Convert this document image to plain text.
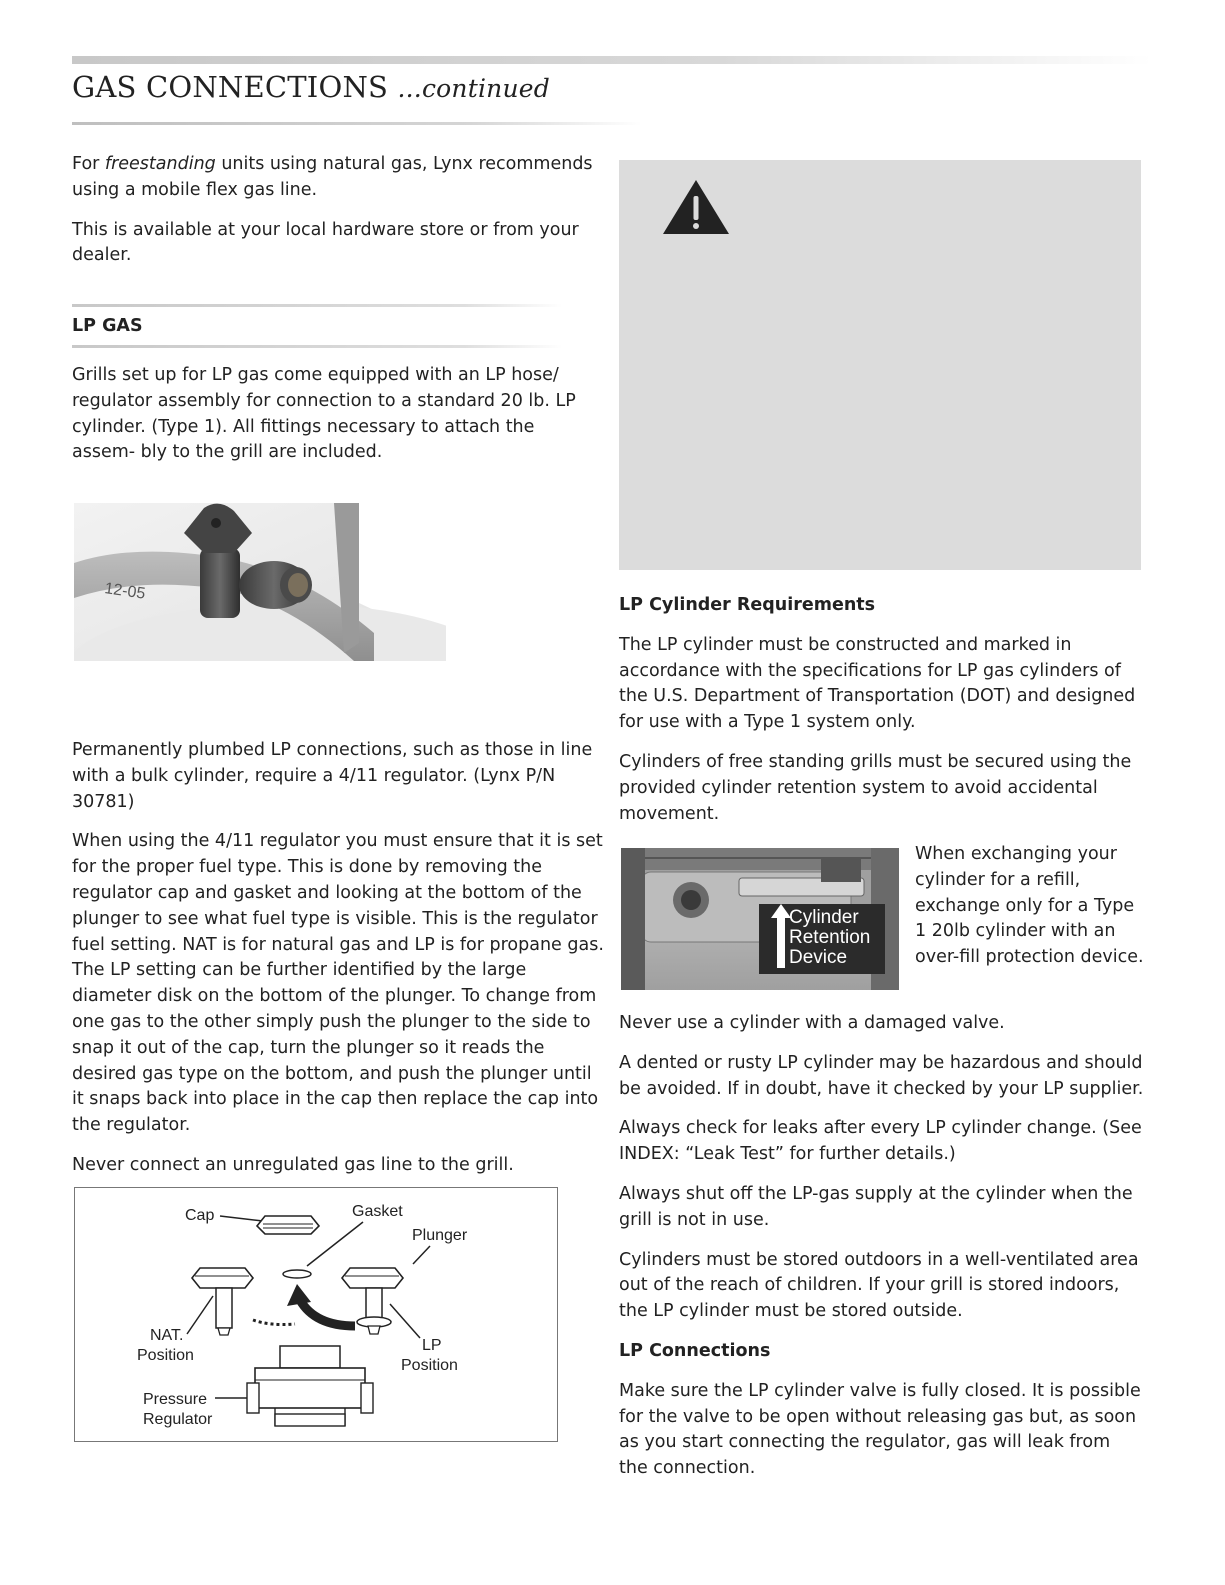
GAS CONNECTIONS ...continued

For freestanding units using natural gas, Lynx recommends using a mobile flex gas line.

This is available at your local hardware store or from your dealer.

LP GAS

Grills set up for LP gas come equipped with an LP hose/ regulator assembly for connection to a standard 20 lb. LP cylinder. (Type 1). All fittings necessary to attach the assem- bly to the grill are included.

12-05

Permanently plumbed LP connections, such as those in line with a bulk cylinder, require a 4/11 regulator. (Lynx P/N 30781)

When using the 4/11 regulator you must ensure that it is set for the proper fuel type. This is done by removing the regulator cap and gasket and looking at the bottom of the plunger to see what fuel type is visible. This is the regulator fuel setting. NAT is for natural gas and LP is for propane gas. The LP setting can be further identified by the large diameter disk on the bottom of the plunger. To change from one gas to the other simply push the plunger to the side to snap it out of the cap, turn the plunger so it reads the desired gas type on the bottom, and push the plunger until it snaps back into place in the cap then replace the cap into the regulator.

Never connect an unregulated gas line to the grill.

Cap	Gasket
Plunger
NAT.
Position
LP
Position
Pressure
Regulator

LP Cylinder Requirements

The LP cylinder must be constructed and marked in accordance with the specifications for LP gas cylinders of the U.S. Department of Transportation (DOT) and designed for use with a Type 1 system only.

Cylinders of free standing grills must be secured using the provided cylinder retention system to avoid accidental movement.

Cylinder
Retention
Device

When exchanging your cylinder for a refill, exchange only for a Type 1 20lb cylinder with an over-fill protection device.

Never use a cylinder with a damaged valve.

A dented or rusty LP cylinder may be hazardous and should be avoided. If in doubt, have it checked by your LP supplier.

Always check for leaks after every LP cylinder change. (See INDEX: “Leak Test” for further details.)

Always shut off the LP-gas supply at the cylinder when the grill is not in use.

Cylinders must be stored outdoors in a well-ventilated area out of the reach of children. If your grill is stored indoors, the LP cylinder must be stored outside.

LP Connections

Make sure the LP cylinder valve is fully closed. It is possible for the valve to be open without releasing gas but, as soon as you start connecting the regulator, gas will leak from the connection.
